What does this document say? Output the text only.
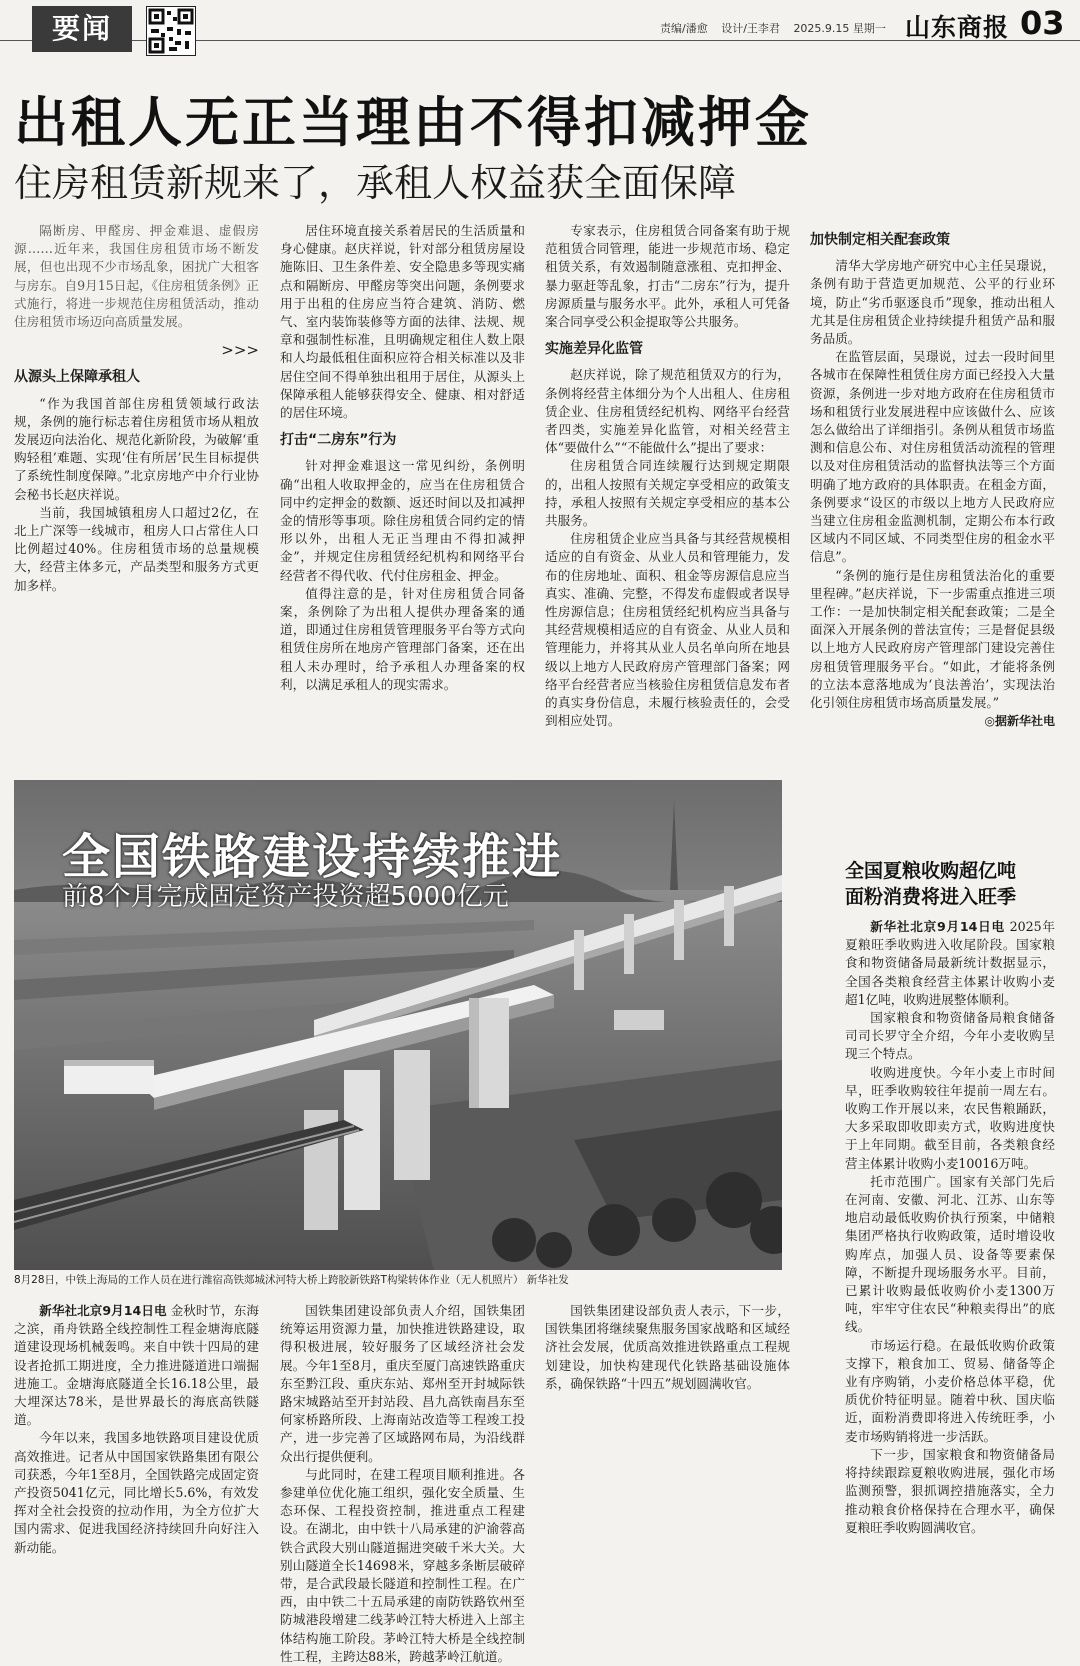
要闻	责编/潘愈 设计/王李君 2025.9.15 星期一 山东商报 03
出租人无正当理由不得扣减押金
住房租赁新规来了，承租人权益获全面保障

隔断房、甲醛房、押金难退、虚假房源……近年来，我国住房租赁市场不断发展，但也出现不少市场乱象，困扰广大租客与房东。自9月15日起，《住房租赁条例》正式施行，将进一步规范住房租赁活动，推动住房租赁市场迈向高质量发展。

>>>

从源头上保障承租人

“作为我国首部住房租赁领域行政法规，条例的施行标志着住房租赁市场从粗放发展迈向法治化、规范化新阶段，为破解‘重购轻租’难题、实现‘住有所居’民生目标提供了系统性制度保障。”北京房地产中介行业协会秘书长赵庆祥说。

当前，我国城镇租房人口超过2亿，在北上广深等一线城市，租房人口占常住人口比例超过40%。住房租赁市场的总量规模大，经营主体多元，产品类型和服务方式更加多样。

居住环境直接关系着居民的生活质量和身心健康。赵庆祥说，针对部分租赁房屋设施陈旧、卫生条件差、安全隐患多等现实痛点和隔断房、甲醛房等突出问题，条例要求用于出租的住房应当符合建筑、消防、燃气、室内装饰装修等方面的法律、法规、规章和强制性标准，且明确规定租住人数上限和人均最低租住面积应符合相关标准以及非居住空间不得单独出租用于居住，从源头上保障承租人能够获得安全、健康、相对舒适的居住环境。

打击“二房东”行为

针对押金难退这一常见纠纷，条例明确“出租人收取押金的，应当在住房租赁合同中约定押金的数额、返还时间以及扣减押金的情形等事项。除住房租赁合同约定的情形以外，出租人无正当理由不得扣减押金”，并规定住房租赁经纪机构和网络平台经营者不得代收、代付住房租金、押金。

值得注意的是，针对住房租赁合同备案，条例除了为出租人提供办理备案的通道，即通过住房租赁管理服务平台等方式向租赁住房所在地房产管理部门备案，还在出租人未办理时，给予承租人办理备案的权利，以满足承租人的现实需求。

专家表示，住房租赁合同备案有助于规范租赁合同管理，能进一步规范市场、稳定租赁关系，有效遏制随意涨租、克扣押金、暴力驱赶等乱象，打击“二房东”行为，提升房源质量与服务水平。此外，承租人可凭备案合同享受公积金提取等公共服务。

实施差异化监管

赵庆祥说，除了规范租赁双方的行为，条例将经营主体细分为个人出租人、住房租赁企业、住房租赁经纪机构、网络平台经营者四类，实施差异化监管，对相关经营主体“要做什么”“不能做什么”提出了要求：

住房租赁合同连续履行达到规定期限的，出租人按照有关规定享受相应的政策支持，承租人按照有关规定享受相应的基本公共服务。

住房租赁企业应当具备与其经营规模相适应的自有资金、从业人员和管理能力，发布的住房地址、面积、租金等房源信息应当真实、准确、完整，不得发布虚假或者误导性房源信息；住房租赁经纪机构应当具备与其经营规模相适应的自有资金、从业人员和管理能力，并将其从业人员名单向所在地县级以上地方人民政府房产管理部门备案；网络平台经营者应当核验住房租赁信息发布者的真实身份信息，未履行核验责任的，会受到相应处罚。

加快制定相关配套政策

清华大学房地产研究中心主任吴璟说，条例有助于营造更加规范、公平的行业环境，防止“劣币驱逐良币”现象，推动出租人尤其是住房租赁企业持续提升租赁产品和服务品质。

在监管层面，吴璟说，过去一段时间里各城市在保障性租赁住房方面已经投入大量资源，条例进一步对地方政府在住房租赁市场和租赁行业发展进程中应该做什么、应该怎么做给出了详细指引。条例从租赁市场监测和信息公布、对住房租赁活动流程的管理以及对住房租赁活动的监督执法等三个方面明确了地方政府的具体职责。在租金方面，条例要求“设区的市级以上地方人民政府应当建立住房租金监测机制，定期公布本行政区域内不同区域、不同类型住房的租金水平信息”。

“条例的施行是住房租赁法治化的重要里程碑。”赵庆祥说，下一步需重点推进三项工作：一是加快制定相关配套政策；二是全面深入开展条例的普法宣传；三是督促县级以上地方人民政府房产管理部门建设完善住房租赁管理服务平台。“如此，才能将条例的立法本意落地成为‘良法善治’，实现法治化引领住房租赁市场高质量发展。”

◎据新华社电
全国铁路建设持续推进
前8个月完成固定资产投资超5000亿元
8月28日，中铁上海局的工作人员在进行潍宿高铁郯城沭河特大桥上跨胶新铁路T构梁转体作业（无人机照片） 新华社发

新华社北京9月14日电 金秋时节，东海之滨，甬舟铁路全线控制性工程金塘海底隧道建设现场机械轰鸣。来自中铁十四局的建设者抢抓工期进度，全力推进隧道进口端掘进施工。金塘海底隧道全长16.18公里，最大埋深达78米，是世界最长的海底高铁隧道。

今年以来，我国多地铁路项目建设优质高效推进。记者从中国国家铁路集团有限公司获悉，今年1至8月，全国铁路完成固定资产投资5041亿元，同比增长5.6%，有效发挥对全社会投资的拉动作用，为全方位扩大国内需求、促进我国经济持续回升向好注入新动能。

国铁集团建设部负责人介绍，国铁集团统筹运用资源力量，加快推进铁路建设，取得积极进展，较好服务了区域经济社会发展。今年1至8月，重庆至厦门高速铁路重庆东至黔江段、重庆东站、郑州至开封城际铁路宋城路站至开封站段、昌九高铁南昌东至何家桥路所段、上海南站改造等工程竣工投产，进一步完善了区域路网布局，为沿线群众出行提供便利。

与此同时，在建工程项目顺利推进。各参建单位优化施工组织，强化安全质量、生态环保、工程投资控制，推进重点工程建设。在湖北，由中铁十八局承建的沪渝蓉高铁合武段大别山隧道掘进突破千米大关。大别山隧道全长14698米，穿越多条断层破碎带，是合武段最长隧道和控制性工程。在广西，由中铁二十五局承建的南防铁路钦州至防城港段增建二线茅岭江特大桥进入上部主体结构施工阶段。茅岭江特大桥是全线控制性工程，主跨达88米，跨越茅岭江航道。

国铁集团建设部负责人表示，下一步，国铁集团将继续聚焦服务国家战略和区域经济社会发展，优质高效推进铁路重点工程规划建设，加快构建现代化铁路基础设施体系，确保铁路“十四五”规划圆满收官。

全国夏粮收购超亿吨
面粉消费将进入旺季

新华社北京9月14日电 2025年夏粮旺季收购进入收尾阶段。国家粮食和物资储备局最新统计数据显示，全国各类粮食经营主体累计收购小麦超1亿吨，收购进展整体顺利。

国家粮食和物资储备局粮食储备司司长罗守全介绍，今年小麦收购呈现三个特点。

收购进度快。今年小麦上市时间早，旺季收购较往年提前一周左右。收购工作开展以来，农民售粮踊跃，大多采取即收即卖方式，收购进度快于上年同期。截至目前，各类粮食经营主体累计收购小麦10016万吨。

托市范围广。国家有关部门先后在河南、安徽、河北、江苏、山东等地启动最低收购价执行预案，中储粮集团严格执行收购政策，适时增设收购库点，加强人员、设备等要素保障，不断提升现场服务水平。目前，已累计收购最低收购价小麦1300万吨，牢牢守住农民“种粮卖得出”的底线。

市场运行稳。在最低收购价政策支撑下，粮食加工、贸易、储备等企业有序购销，小麦价格总体平稳，优质优价特征明显。随着中秋、国庆临近，面粉消费即将进入传统旺季，小麦市场购销将进一步活跃。

下一步，国家粮食和物资储备局将持续跟踪夏粮收购进展，强化市场监测预警，狠抓调控措施落实，全力推动粮食价格保持在合理水平，确保夏粮旺季收购圆满收官。
